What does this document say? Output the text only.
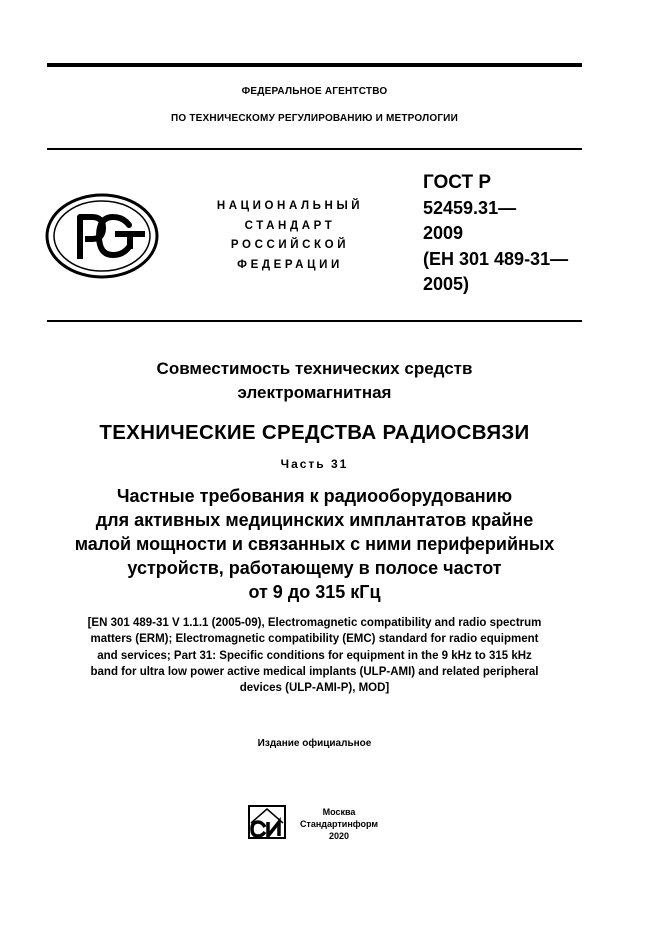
ФЕДЕРАЛЬНОЕ АГЕНТСТВО
ПО ТЕХНИЧЕСКОМУ РЕГУЛИРОВАНИЮ И МЕТРОЛОГИИ
НАЦИОНАЛЬНЫЙ
СТАНДАРТ
РОССИЙСКОЙ
ФЕДЕРАЦИИ
ГОСТ Р
52459.31—
2009
(ЕН 301 489-31—
2005)
Совместимость технических средств
электромагнитная
ТЕХНИЧЕСКИЕ СРЕДСТВА РАДИОСВЯЗИ
Часть 31
Частные требования к радиооборудованию
для активных медицинских имплантатов крайне
малой мощности и связанных с ними периферийных
устройств, работающему в полосе частот
от 9 до 315 кГц
[EN 301 489-31 V 1.1.1 (2005-09), Electromagnetic compatibility and radio spectrum
matters (ERM); Electromagnetic compatibility (EMC) standard for radio equipment
and services; Part 31: Specific conditions for equipment in the 9 kHz to 315 kHz
band for ultra low power active medical implants (ULP-AMI) and related peripheral
devices (ULP-AMI-P), MOD]
Издание официальное
Москва
Стандартинформ
2020
